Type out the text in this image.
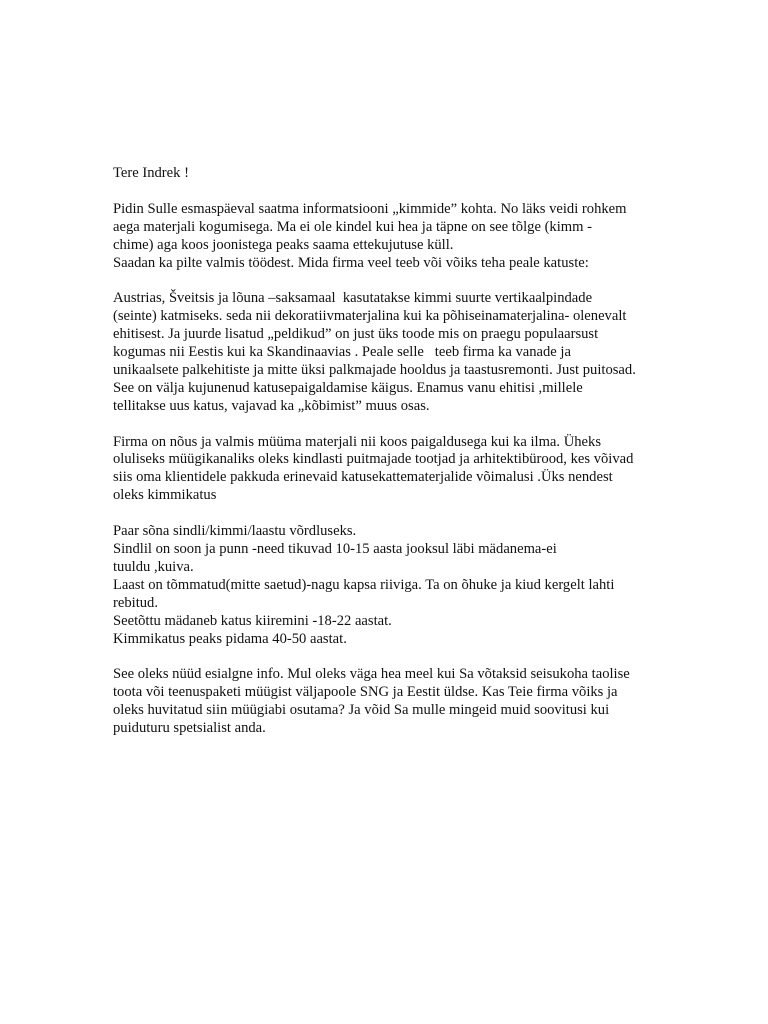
Tere Indrek !

Pidin Sulle esmaspäeval saatma informatsiooni „kimmide” kohta. No läks veidi rohkem
aega materjali kogumisega. Ma ei ole kindel kui hea ja täpne on see tõlge (kimm -
chime) aga koos joonistega peaks saama ettekujutuse küll.
Saadan ka pilte valmis töödest. Mida firma veel teeb või võiks teha peale katuste:

Austrias, Šveitsis ja lõuna –saksamaal  kasutatakse kimmi suurte vertikaalpindade
(seinte) katmiseks. seda nii dekoratiivmaterjalina kui ka põhiseinamaterjalina- olenevalt
ehitisest. Ja juurde lisatud „peldikud” on just üks toode mis on praegu populaarsust
kogumas nii Eestis kui ka Skandinaavias . Peale selle   teeb firma ka vanade ja
unikaalsete palkehitiste ja mitte üksi palkmajade hooldus ja taastusremonti. Just puitosad.
See on välja kujunenud katusepaigaldamise käigus. Enamus vanu ehitisi ,millele
tellitakse uus katus, vajavad ka „kõbimist” muus osas.

Firma on nõus ja valmis müüma materjali nii koos paigaldusega kui ka ilma. Üheks
oluliseks müügikanaliks oleks kindlasti puitmajade tootjad ja arhitektibürood, kes võivad
siis oma klientidele pakkuda erinevaid katusekattematerjalide võimalusi .Üks nendest
oleks kimmikatus

Paar sõna sindli/kimmi/laastu võrdluseks.
Sindlil on soon ja punn -need tikuvad 10-15 aasta jooksul läbi mädanema-ei
tuuldu ,kuiva.
Laast on tõmmatud(mitte saetud)-nagu kapsa riiviga. Ta on õhuke ja kiud kergelt lahti
rebitud.
Seetõttu mädaneb katus kiiremini -18-22 aastat.
Kimmikatus peaks pidama 40-50 aastat.

See oleks nüüd esialgne info. Mul oleks väga hea meel kui Sa võtaksid seisukoha taolise
toota või teenuspaketi müügist väljapoole SNG ja Eestit üldse. Kas Teie firma võiks ja
oleks huvitatud siin müügiabi osutama? Ja võid Sa mulle mingeid muid soovitusi kui
puiduturu spetsialist anda.
